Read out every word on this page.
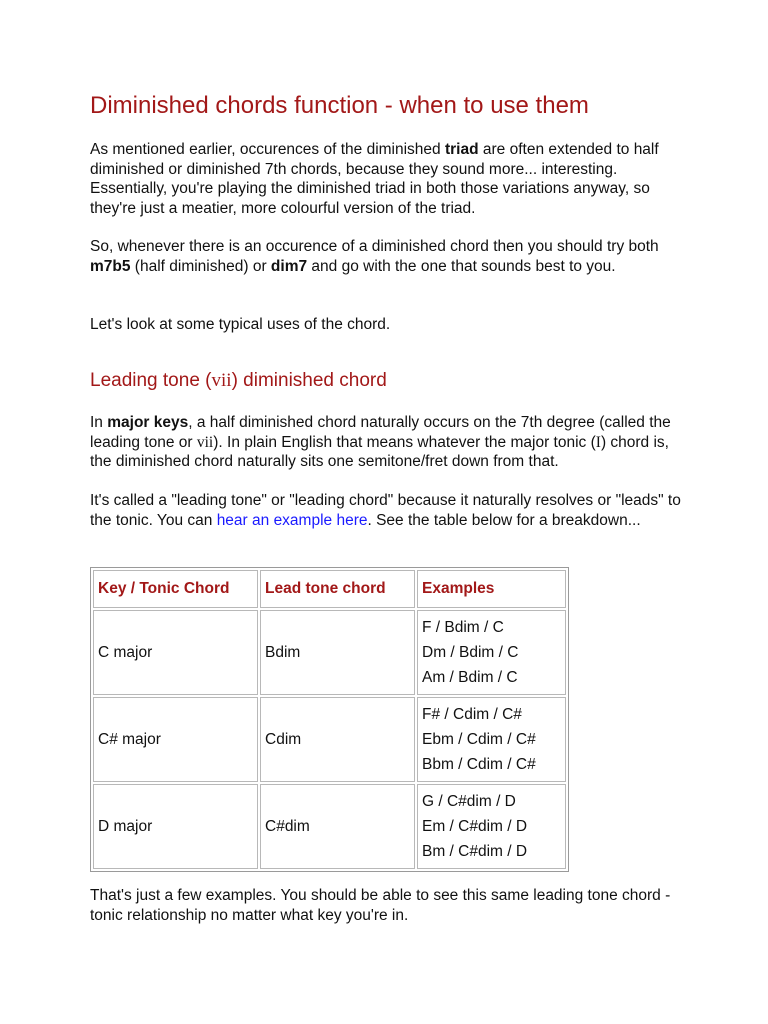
Diminished chords function - when to use them

As mentioned earlier, occurences of the diminished triad are often extended to half diminished or diminished 7th chords, because they sound more... interesting. Essentially, you're playing the diminished triad in both those variations anyway, so they're just a meatier, more colourful version of the triad.

So, whenever there is an occurence of a diminished chord then you should try both m7b5 (half diminished) or dim7 and go with the one that sounds best to you.

Let's look at some typical uses of the chord.

Leading tone (vii) diminished chord

In major keys, a half diminished chord naturally occurs on the 7th degree (called the leading tone or vii). In plain English that means whatever the major tonic (I) chord is, the diminished chord naturally sits one semitone/fret down from that.

It's called a "leading tone" or "leading chord" because it naturally resolves or "leads" to the tonic. You can hear an example here. See the table below for a breakdown...

Key / Tonic Chord	Lead tone chord	Examples
C major	Bdim	F / Bdim / C
Dm / Bdim / C
Am / Bdim / C

C# major	Cdim	F# / Cdim / C#
Ebm / Cdim / C#
Bbm / Cdim / C#

D major	C#dim	G / C#dim / D
Em / C#dim / D
Bm / C#dim / D

That's just a few examples. You should be able to see this same leading tone chord - tonic relationship no matter what key you're in.
